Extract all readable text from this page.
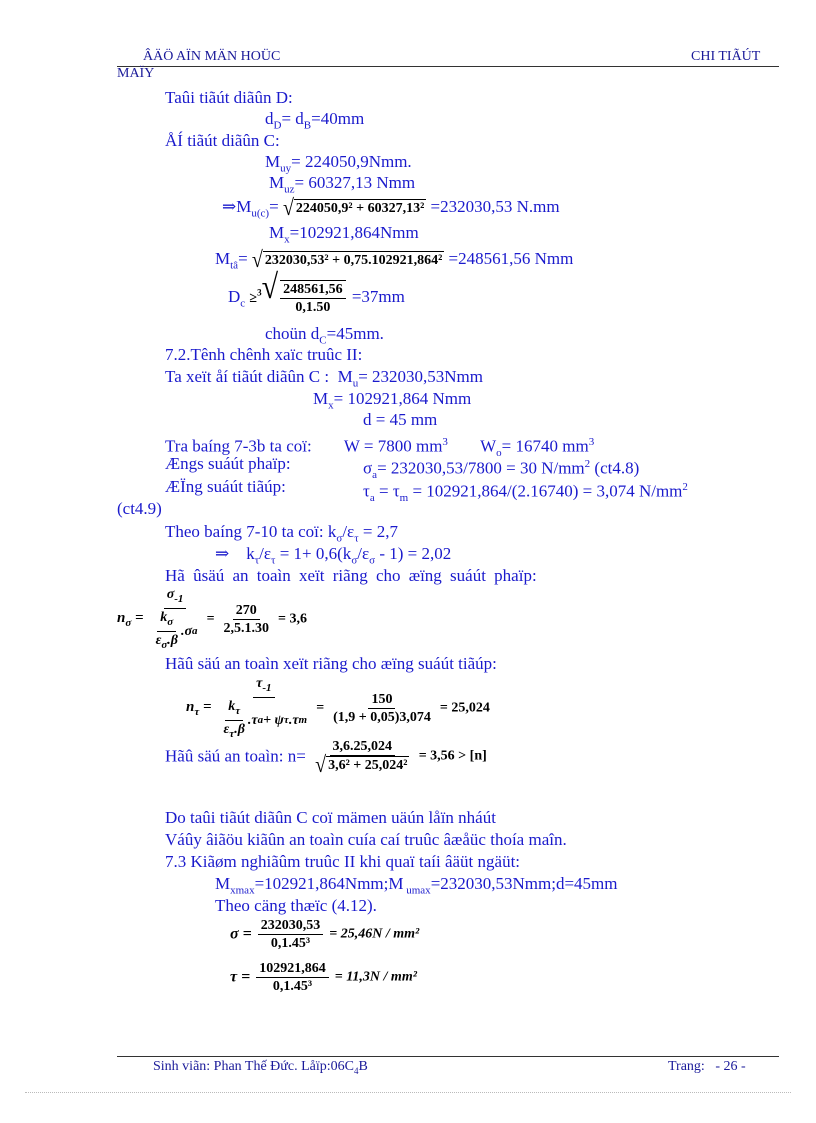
ÂÄÖ AÏN MÄN HOÜC	CHI TIÃÚT
MAÏY
Taûi tiãút diãûn D:
$d_D= d_B=40mm$
ÅÍ tiãút diãûn C:
$M_{uy}= 224050,9Nmm$.
$M_{uz}= 60327,13$ Nmm
$\Rightarrow M_{u(c)}=$ √ 224050,9² + 60327,13² =232030,53 N.mm
$M_x=102921,864Nmm$
$M_{tâ}=$ √ 232030,53² + 0,75.102921,864² =248561,56 Nmm
$D_c \ge^3$ √ $\frac{248561,56}{0,1.50} =37mm$
choün $d_C=45mm$.
7.2.Tênh chênh xaïc truûc II:
Ta xeït åí tiãút diãûn C : $M_u= 232030,53Nmm$
$M_x= 102921,864$ Nmm
d = 45 mm
Tra baíng 7-3b ta coï: W = 7800 $mm^3$ $W_o= 16740$ $mm^3$
Ængs suáút phaïp:	$\sigma_a= 232030,53/7800 = 30$ $N/mm^2$ (ct4.8)
ÆÏng suáút tiãúp:	$\tau_a = \tau_m = 102921,864/(2.16740) = 3,074$ $N/mm^2$
(ct4.9)
Theo baíng 7-10 ta coï: $k_\sigma/\varepsilon_\tau = 2,7$
⇒ $k_\tau/\varepsilon_\tau = 1+ 0,6(k_\sigma/\varepsilon_\sigma - 1) = 2,02$
Hã ûsäú an toaìn xeït riãng cho æïng suáút phaïp:
$n_\sigma = \frac{\sigma_{-1}}{\frac{k_\sigma}{\varepsilon_\sigma.\beta} .\sigma a} = \frac{270}{2,5.1.30} = 3,6$
Hãû säú an toaìn xeït riãng cho æïng suáút tiãúp:
$n_\tau = \frac{\tau_{-1}}{\frac{k_\tau}{\varepsilon_\tau.\beta} .\tau a + \psi \tau .\tau m} = \frac{150}{(1,9 + 0,05)3,074} = 25,024$
Hãû säú an toaìn: $n= \frac{3,6.25,024}{\text{√ 3,6² + 25,024²}} = 3,56 > [n]$
Do taûi tiãút diãûn C coï mämen uäún låïn nháút
Váûy âiãöu kiãûn an toaìn cuía caí truûc âæåüc thoía maîn.
7.3 Kiãøm nghiãûm truûc II khi quaï taíi âäüt ngäüt:
$M_{xmax}=102921,864Nmm;M$ $_{umax}$=232030,53Nmm;d=45mm
Theo cäng thæïc (4.12).
$\sigma = \frac{232030,53}{\text{0,1.45³}} = 25,46N / mm^2$
$\tau = \frac{102921,864}{\text{0,1.45³}} = 11,3N / mm^2$
Sinh viãn: Phan Thế Đức. $Låïp:06C_4B$	Trang: - 26 -
